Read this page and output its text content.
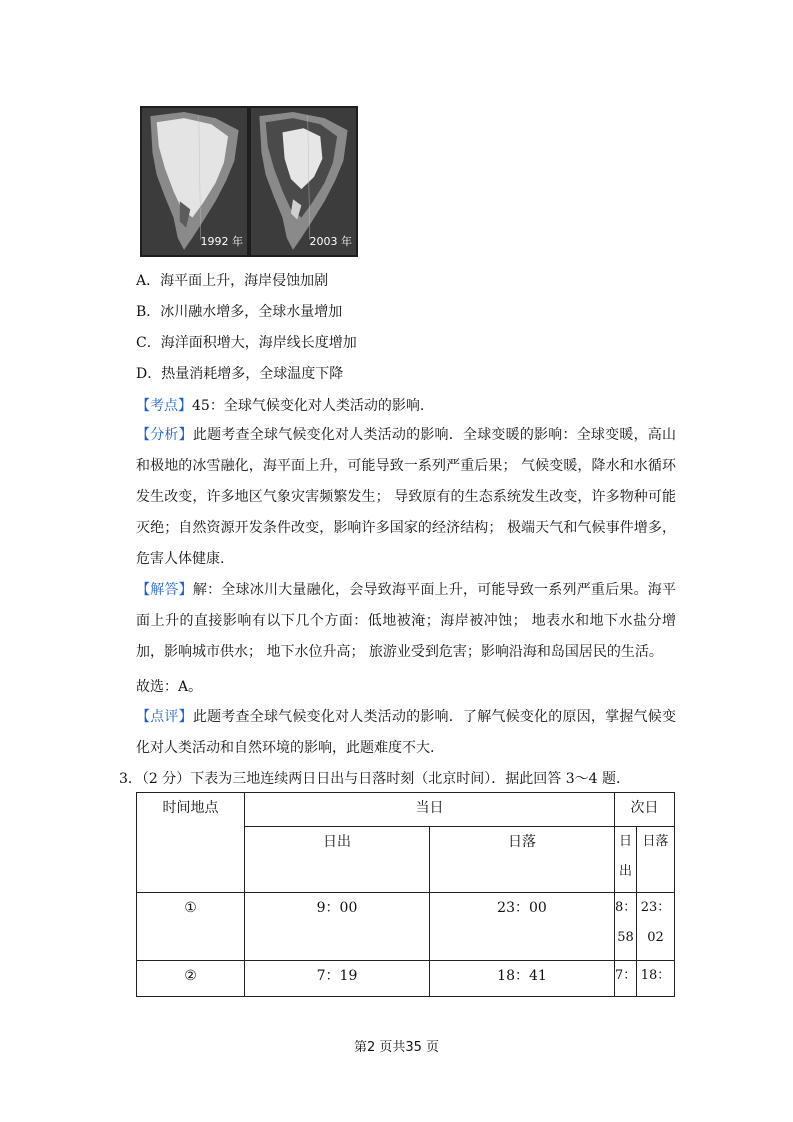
1992 年	2003 年
A．海平面上升，海岸侵蚀加剧
B．冰川融水增多，全球水量增加
C．海洋面积增大，海岸线长度增加
D．热量消耗增多，全球温度下降
【考点】45：全球气候变化对人类活动的影响.
【分析】此题考查全球气候变化对人类活动的影响．全球变暖的影响：全球变暖，高山和极地的冰雪融化，海平面上升，可能导致一系列严重后果； 气候变暖，降水和水循环发生改变，许多地区气象灾害频繁发生； 导致原有的生态系统发生改变，许多物种可能灭绝；自然资源开发条件改变，影响许多国家的经济结构； 极端天气和气候事件增多，危害人体健康.
【解答】解：全球冰川大量融化，会导致海平面上升，可能导致一系列严重后果。海平面上升的直接影响有以下几个方面：低地被淹；海岸被冲蚀； 地表水和地下水盐分增加，影响城市供水； 地下水位升高； 旅游业受到危害；影响沿海和岛国居民的生活。
故选：A。
【点评】此题考查全球气候变化对人类活动的影响．了解气候变化的原因，掌握气候变化对人类活动和自然环境的影响，此题难度不大.
3．（2 分）下表为三地连续两日日出与日落时刻（北京时间）．据此回答 3～4 题．
时间地点	当日		次日	
	日出	日落	日出	日落
①	9：00	23：00	8：58	23：02
②	7：19	18：41	7：	18：
第2 页共35 页
